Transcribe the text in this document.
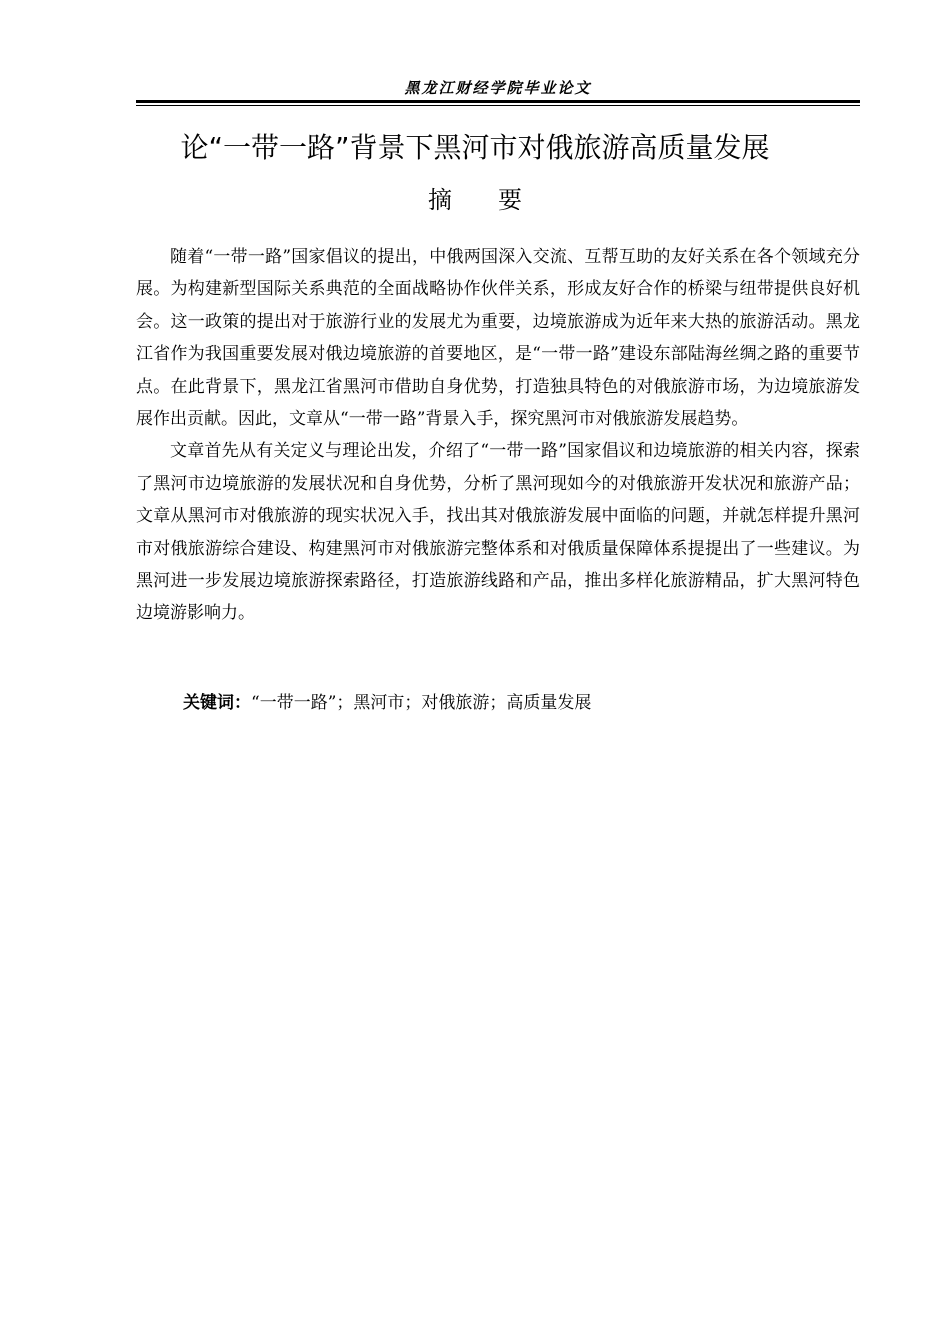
黑龙江财经学院毕业论文
论“一带一路”背景下黑河市对俄旅游高质量发展
摘要

随着“一带一路”国家倡议的提出，中俄两国深入交流、互帮互助的友好关系在各个领域充分展。为构建新型国际关系典范的全面战略协作伙伴关系，形成友好合作的桥梁与纽带提供良好机会。这一政策的提出对于旅游行业的发展尤为重要，边境旅游成为近年来大热的旅游活动。黑龙江省作为我国重要发展对俄边境旅游的首要地区，是“一带一路”建设东部陆海丝绸之路的重要节点。在此背景下，黑龙江省黑河市借助自身优势，打造独具特色的对俄旅游市场，为边境旅游发展作出贡献。因此，文章从“一带一路”背景入手，探究黑河市对俄旅游发展趋势。

文章首先从有关定义与理论出发，介绍了“一带一路”国家倡议和边境旅游的相关内容，探索了黑河市边境旅游的发展状况和自身优势，分析了黑河现如今的对俄旅游开发状况和旅游产品；文章从黑河市对俄旅游的现实状况入手，找出其对俄旅游发展中面临的问题，并就怎样提升黑河市对俄旅游综合建设、构建黑河市对俄旅游完整体系和对俄质量保障体系提提出了一些建议。为黑河进一步发展边境旅游探索路径，打造旅游线路和产品，推出多样化旅游精品，扩大黑河特色边境游影响力。

关键词：“一带一路”；黑河市；对俄旅游；高质量发展
